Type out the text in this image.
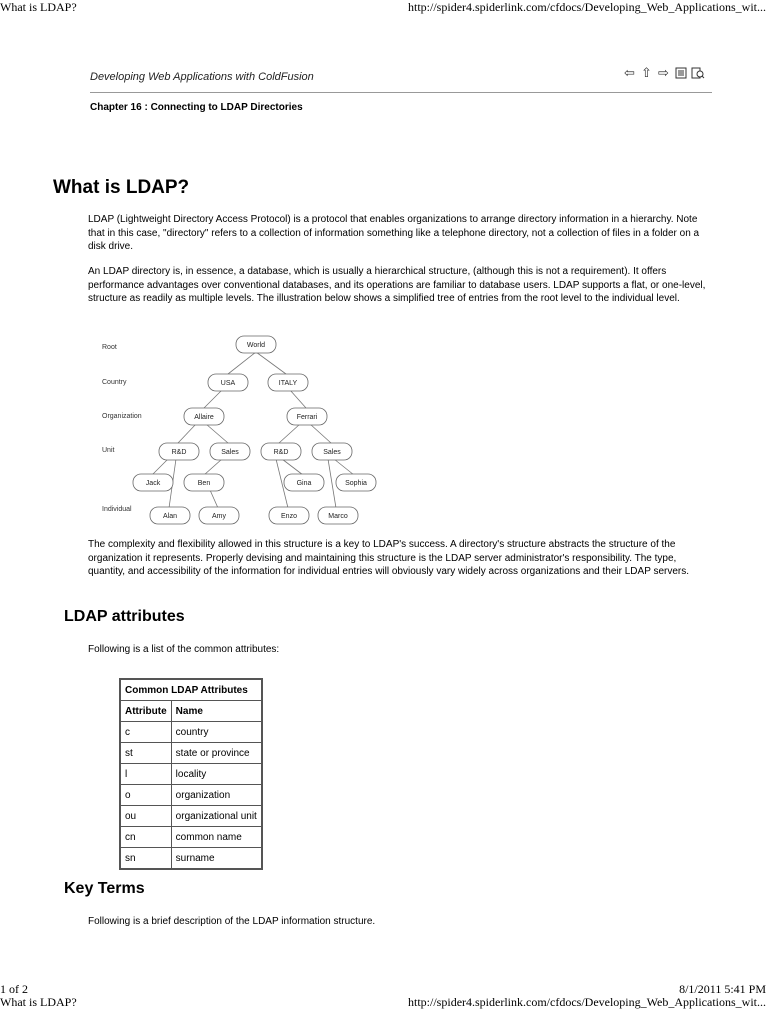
What is LDAP?	http://spider4.spiderlink.com/cfdocs/Developing_Web_Applications_wit...
Developing Web Applications with ColdFusion	⇦ ⇧ ⇨
Chapter 16 : Connecting to LDAP Directories
What is LDAP?

LDAP (Lightweight Directory Access Protocol) is a protocol that enables organizations to arrange directory information in a hierarchy. Note that in this case, "directory" refers to a collection of information something like a telephone directory, not a collection of files in a folder on a disk drive.

An LDAP directory is, in essence, a database, which is usually a hierarchical structure, (although this is not a requirement). It offers performance advantages over conventional databases, and its operations are familiar to database users. LDAP supports a flat, or one-level, structure as readily as multiple levels. The illustration below shows a simplified tree of entries from the root level to the individual level.

Root
Country
Organization
Unit
Individual
World
USA	ITALY
Allaire	Ferrari
R&D	Sales	R&D	Sales
Jack	Ben	Gina	Sophia
Alan	Amy	Enzo	Marco

The complexity and flexibility allowed in this structure is a key to LDAP's success. A directory's structure abstracts the structure of the organization it represents. Properly devising and maintaining this structure is the LDAP server administrator's responsibility. The type, quantity, and accessibility of the information for individual entries will obviously vary widely across organizations and their LDAP servers.

LDAP attributes

Following is a list of the common attributes:

Common LDAP Attributes	
Attribute	Name
c	country
st	state or province
l	locality
o	organization
ou	organizational unit
cn	common name
sn	surname
Key Terms

Following is a brief description of the LDAP information structure.

1 of 2
What is LDAP?
8/1/2011 5:41 PM
http://spider4.spiderlink.com/cfdocs/Developing_Web_Applications_wit...
